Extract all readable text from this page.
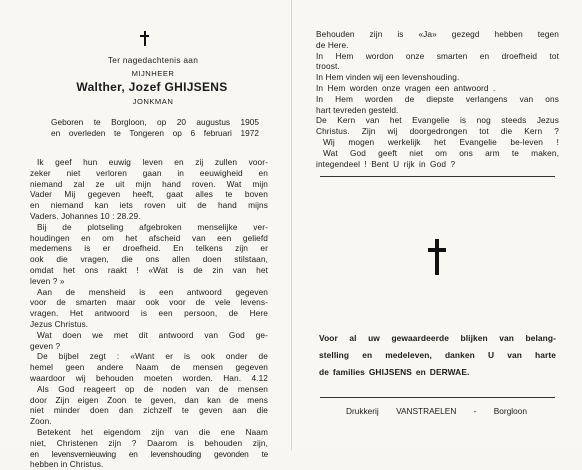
Ter nagedachtenis aan
MIJNHEER
Walther, Jozef GHIJSENS
JONKMAN
Geboren te Borgloon, op 20 augustus 1905
en overleden te Tongeren op 6 februari 1972
Ik geef hun euwig leven en zij zullen voor-
zeker niet verloren gaan in eeuwigheid en
niemand zal ze uit mijn hand roven. Wat mijn
Vader Mij gegeven heeft, gaat alles te boven
en niemand kan iets roven uit de hand mijns
Vaders. Johannes 10 : 28.29.
Bij de plotseling afgebroken menselijke ver-
houdingen en om het afscheid van een geliefd
medemens is er droefheid. En telkens zijn er
ook die vragen, die ons allen doen stilstaan,
omdat het ons raakt ! «Wat is de zin van het
leven ? »
Aan de mensheid is een antwoord gegeven
voor de smarten maar ook voor de vele levens-
vragen. Het antwoord is een persoon, de Here
Jezus Christus.
Wat doen we met dit antwoord van God ge-
geven ?
De bijbel zegt : «Want er is ook onder de
hemel geen andere Naam de mensen gegeven
waardoor wij behouden moeten worden. Han. 4.12
Als God reageert op de noden van de mensen
door Zijn eigen Zoon te geven, dan kan de mens
niet minder doen dan zichzelf te geven aan die
Zoon.
Betekent het eigendom zijn van die ene Naam
niet, Christenen zijn ? Daarom is behouden zijn,
en levensvernieuwing en levenshouding gevonden te
hebben in Christus.
Behouden zijn is «Ja» gezegd hebben tegen
de Here.
In Hem wordon onze smarten en droefheid tot
troost.
In Hem vinden wij een levenshouding.
In Hem worden onze vragen een antwoord .
In Hem worden de diepste verlangens van ons
hart tevreden gesteld.
De Kern van het Evangelie is nog steeds Jezus
Christus. Zijn wij doorgedrongen tot die Kern ?
Wij mogen werkelijk het Evangelie be-leven !
Wat God geeft niet om ons arm te maken,
integendeel ! Bent U rijk in God ?
Voor al uw gewaardeerde blijken van belang-
stelling en medeleven, danken U van harte
de families GHIJSENS en DERWAE.
Drukkerij VANSTRAELEN - Borgloon
